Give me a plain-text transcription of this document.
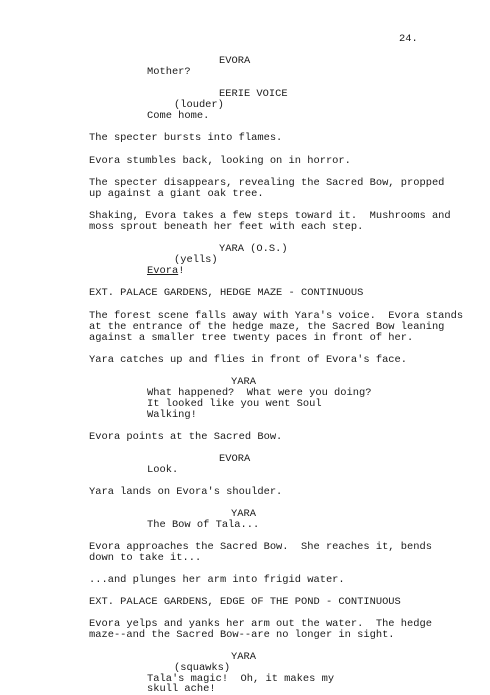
24.
EVORA
Mother?
EERIE VOICE
(louder)
Come home.
The specter bursts into flames.
Evora stumbles back, looking on in horror.
The specter disappears, revealing the Sacred Bow, propped
up against a giant oak tree.
Shaking, Evora takes a few steps toward it.  Mushrooms and
moss sprout beneath her feet with each step.
YARA (O.S.)
(yells)
Evora!
EXT. PALACE GARDENS, HEDGE MAZE - CONTINUOUS
The forest scene falls away with Yara's voice.  Evora stands
at the entrance of the hedge maze, the Sacred Bow leaning
against a smaller tree twenty paces in front of her.
Yara catches up and flies in front of Evora's face.
YARA
What happened?  What were you doing?
It looked like you went Soul
Walking!
Evora points at the Sacred Bow.
EVORA
Look.
Yara lands on Evora's shoulder.
YARA
The Bow of Tala...
Evora approaches the Sacred Bow.  She reaches it, bends
down to take it...
...and plunges her arm into frigid water.
EXT. PALACE GARDENS, EDGE OF THE POND - CONTINUOUS
Evora yelps and yanks her arm out the water.  The hedge
maze--and the Sacred Bow--are no longer in sight.
YARA
(squawks)
Tala's magic!  Oh, it makes my
skull ache!
